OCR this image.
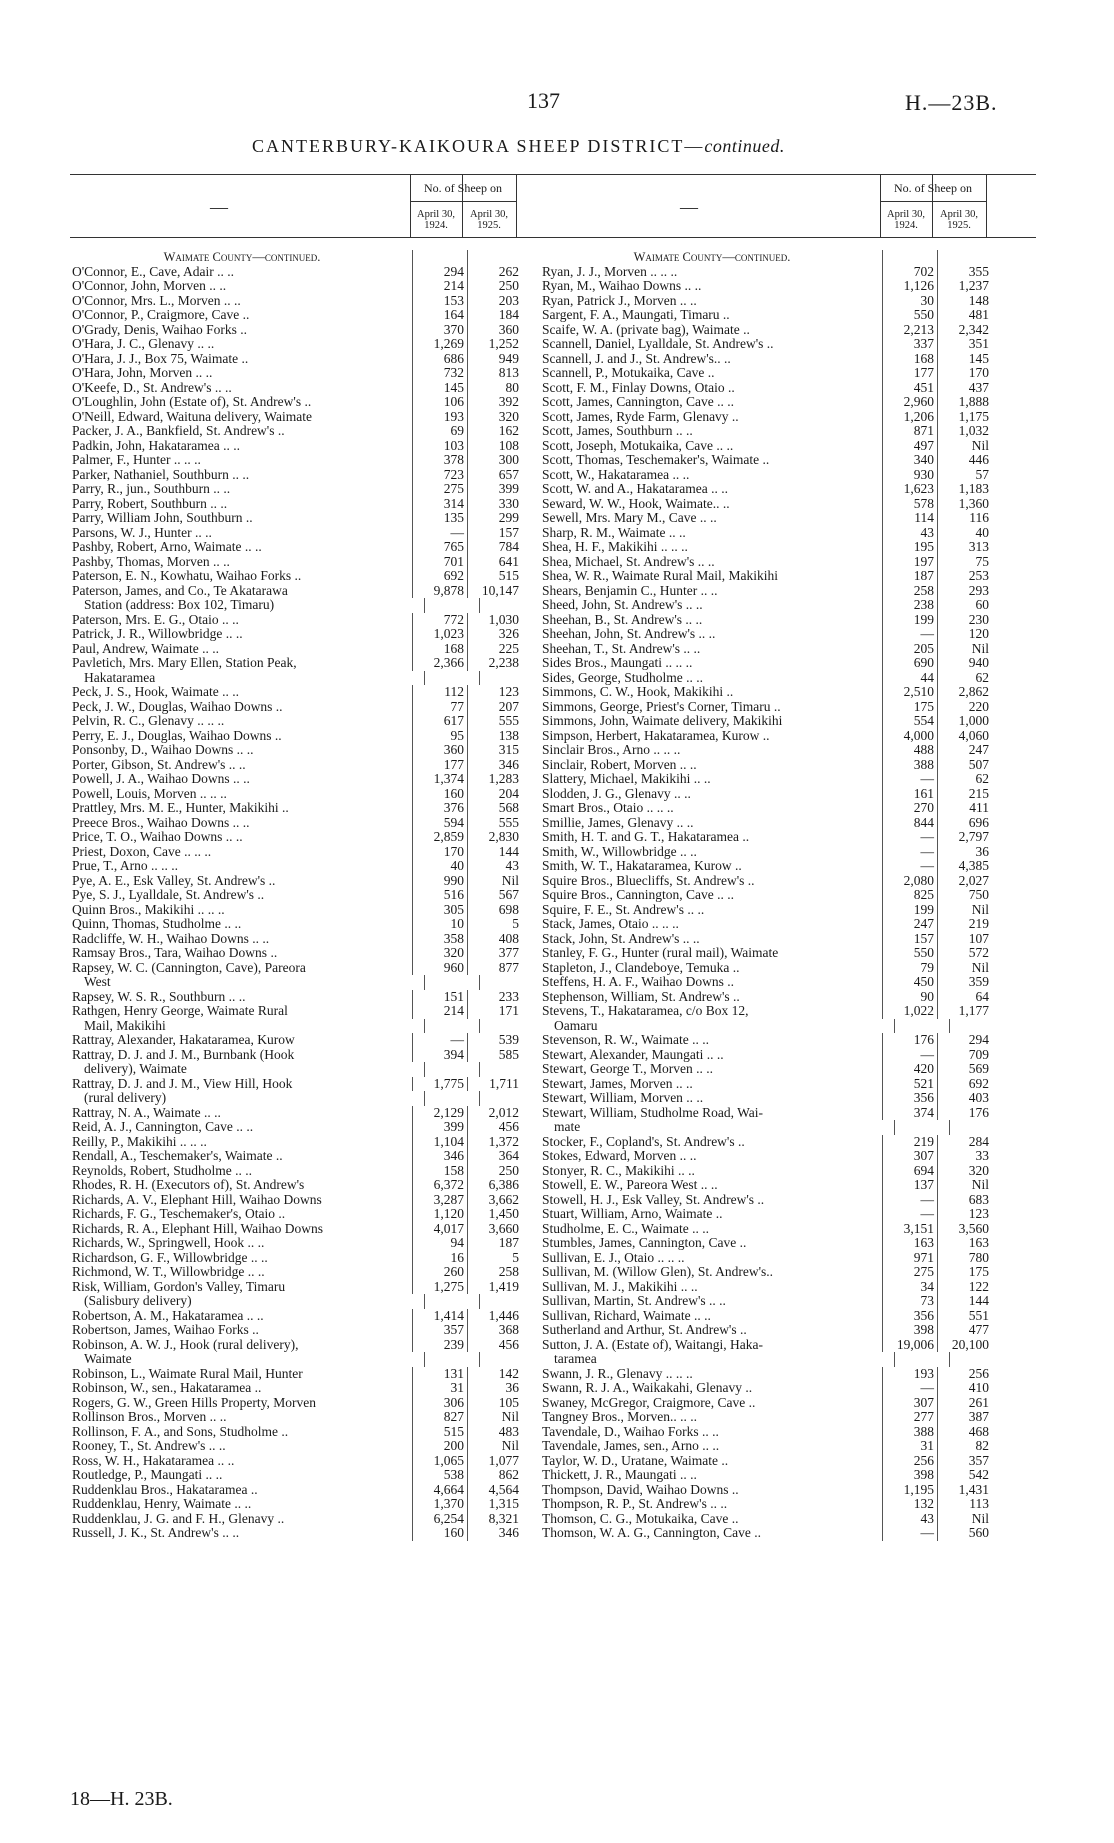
137	H.—23B.
CANTERBURY-KAIKOURA SHEEP DISTRICT—continued.
—
No. of Sheep on
April 30, 1924.
April 30, 1925.
Waimate County—continued.
O'Connor, E., Cave, Adair .. ..	294	262
O'Connor, John, Morven .. ..	214	250
O'Connor, Mrs. L., Morven .. ..	153	203
O'Connor, P., Craigmore, Cave ..	164	184
O'Grady, Denis, Waihao Forks ..	370	360
O'Hara, J. C., Glenavy .. ..	1,269	1,252
O'Hara, J. J., Box 75, Waimate ..	686	949
O'Hara, John, Morven .. ..	732	813
O'Keefe, D., St. Andrew's .. ..	145	80
O'Loughlin, John (Estate of), St. Andrew's ..	106	392
O'Neill, Edward, Waituna delivery, Waimate	193	320
Packer, J. A., Bankfield, St. Andrew's ..	69	162
Padkin, John, Hakataramea .. ..	103	108
Palmer, F., Hunter .. .. ..	378	300
Parker, Nathaniel, Southburn .. ..	723	657
Parry, R., jun., Southburn .. ..	275	399
Parry, Robert, Southburn .. ..	314	330
Parry, William John, Southburn ..	135	299
Parsons, W. J., Hunter .. ..	—	157
Pashby, Robert, Arno, Waimate .. ..	765	784
Pashby, Thomas, Morven .. ..	701	641
Paterson, E. N., Kowhatu, Waihao Forks ..	692	515
Paterson, James, and Co., Te Akatarawa	9,878	10,147
Station (address: Box 102, Timaru)
Paterson, Mrs. E. G., Otaio .. ..	772	1,030
Patrick, J. R., Willowbridge .. ..	1,023	326
Paul, Andrew, Waimate .. ..	168	225
Pavletich, Mrs. Mary Ellen, Station Peak,	2,366	2,238
Hakataramea
Peck, J. S., Hook, Waimate .. ..	112	123
Peck, J. W., Douglas, Waihao Downs ..	77	207
Pelvin, R. C., Glenavy .. .. ..	617	555
Perry, E. J., Douglas, Waihao Downs ..	95	138
Ponsonby, D., Waihao Downs .. ..	360	315
Porter, Gibson, St. Andrew's .. ..	177	346
Powell, J. A., Waihao Downs .. ..	1,374	1,283
Powell, Louis, Morven .. .. ..	160	204
Prattley, Mrs. M. E., Hunter, Makikihi ..	376	568
Preece Bros., Waihao Downs .. ..	594	555
Price, T. O., Waihao Downs .. ..	2,859	2,830
Priest, Doxon, Cave .. .. ..	170	144
Prue, T., Arno .. .. ..	40	43
Pye, A. E., Esk Valley, St. Andrew's ..	990	Nil
Pye, S. J., Lyalldale, St. Andrew's ..	516	567
Quinn Bros., Makikihi .. .. ..	305	698
Quinn, Thomas, Studholme .. ..	10	5
Radcliffe, W. H., Waihao Downs .. ..	358	408
Ramsay Bros., Tara, Waihao Downs ..	320	377
Rapsey, W. C. (Cannington, Cave), Pareora	960	877
West
Rapsey, W. S. R., Southburn .. ..	151	233
Rathgen, Henry George, Waimate Rural	214	171
Mail, Makikihi
Rattray, Alexander, Hakataramea, Kurow	—	539
Rattray, D. J. and J. M., Burnbank (Hook	394	585
delivery), Waimate
Rattray, D. J. and J. M., View Hill, Hook	1,775	1,711
(rural delivery)
Rattray, N. A., Waimate .. ..	2,129	2,012
Reid, A. J., Cannington, Cave .. ..	399	456
Reilly, P., Makikihi .. .. ..	1,104	1,372
Rendall, A., Teschemaker's, Waimate ..	346	364
Reynolds, Robert, Studholme .. ..	158	250
Rhodes, R. H. (Executors of), St. Andrew's	6,372	6,386
Richards, A. V., Elephant Hill, Waihao Downs	3,287	3,662
Richards, F. G., Teschemaker's, Otaio ..	1,120	1,450
Richards, R. A., Elephant Hill, Waihao Downs	4,017	3,660
Richards, W., Springwell, Hook .. ..	94	187
Richardson, G. F., Willowbridge .. ..	16	5
Richmond, W. T., Willowbridge .. ..	260	258
Risk, William, Gordon's Valley, Timaru	1,275	1,419
(Salisbury delivery)
Robertson, A. M., Hakataramea .. ..	1,414	1,446
Robertson, James, Waihao Forks ..	357	368
Robinson, A. W. J., Hook (rural delivery),	239	456
Waimate
Robinson, L., Waimate Rural Mail, Hunter	131	142
Robinson, W., sen., Hakataramea ..	31	36
Rogers, G. W., Green Hills Property, Morven	306	105
Rollinson Bros., Morven .. ..	827	Nil
Rollinson, F. A., and Sons, Studholme ..	515	483
Rooney, T., St. Andrew's .. ..	200	Nil
Ross, W. H., Hakataramea .. ..	1,065	1,077
Routledge, P., Maungati .. ..	538	862
Ruddenklau Bros., Hakataramea ..	4,664	4,564
Ruddenklau, Henry, Waimate .. ..	1,370	1,315
Ruddenklau, J. G. and F. H., Glenavy ..	6,254	8,321
Russell, J. K., St. Andrew's .. ..	160	346
—
No. of Sheep on
April 30, 1924.
April 30, 1925.
Waimate County—continued.
Ryan, J. J., Morven .. .. ..	702	355
Ryan, M., Waihao Downs .. ..	1,126	1,237
Ryan, Patrick J., Morven .. ..	30	148
Sargent, F. A., Maungati, Timaru ..	550	481
Scaife, W. A. (private bag), Waimate ..	2,213	2,342
Scannell, Daniel, Lyalldale, St. Andrew's ..	337	351
Scannell, J. and J., St. Andrew's.. ..	168	145
Scannell, P., Motukaika, Cave ..	177	170
Scott, F. M., Finlay Downs, Otaio ..	451	437
Scott, James, Cannington, Cave .. ..	2,960	1,888
Scott, James, Ryde Farm, Glenavy ..	1,206	1,175
Scott, James, Southburn .. ..	871	1,032
Scott, Joseph, Motukaika, Cave .. ..	497	Nil
Scott, Thomas, Teschemaker's, Waimate ..	340	446
Scott, W., Hakataramea .. ..	930	57
Scott, W. and A., Hakataramea .. ..	1,623	1,183
Seward, W. W., Hook, Waimate.. ..	578	1,360
Sewell, Mrs. Mary M., Cave .. ..	114	116
Sharp, R. M., Waimate .. ..	43	40
Shea, H. F., Makikihi .. .. ..	195	313
Shea, Michael, St. Andrew's .. ..	197	75
Shea, W. R., Waimate Rural Mail, Makikihi	187	253
Shears, Benjamin C., Hunter .. ..	258	293
Sheed, John, St. Andrew's .. ..	238	60
Sheehan, B., St. Andrew's .. ..	199	230
Sheehan, John, St. Andrew's .. ..	—	120
Sheehan, T., St. Andrew's .. ..	205	Nil
Sides Bros., Maungati .. .. ..	690	940
Sides, George, Studholme .. ..	44	62
Simmons, C. W., Hook, Makikihi ..	2,510	2,862
Simmons, George, Priest's Corner, Timaru ..	175	220
Simmons, John, Waimate delivery, Makikihi	554	1,000
Simpson, Herbert, Hakataramea, Kurow ..	4,000	4,060
Sinclair Bros., Arno .. .. ..	488	247
Sinclair, Robert, Morven .. ..	388	507
Slattery, Michael, Makikihi .. ..	—	62
Slodden, J. G., Glenavy .. ..	161	215
Smart Bros., Otaio .. .. ..	270	411
Smillie, James, Glenavy .. ..	844	696
Smith, H. T. and G. T., Hakataramea ..	—	2,797
Smith, W., Willowbridge .. ..	—	36
Smith, W. T., Hakataramea, Kurow ..	—	4,385
Squire Bros., Bluecliffs, St. Andrew's ..	2,080	2,027
Squire Bros., Cannington, Cave .. ..	825	750
Squire, F. E., St. Andrew's .. ..	199	Nil
Stack, James, Otaio .. .. ..	247	219
Stack, John, St. Andrew's .. ..	157	107
Stanley, F. G., Hunter (rural mail), Waimate	550	572
Stapleton, J., Clandeboye, Temuka ..	79	Nil
Steffens, H. A. F., Waihao Downs ..	450	359
Stephenson, William, St. Andrew's ..	90	64
Stevens, T., Hakataramea, c/o Box 12,	1,022	1,177
Oamaru
Stevenson, R. W., Waimate .. ..	176	294
Stewart, Alexander, Maungati .. ..	—	709
Stewart, George T., Morven .. ..	420	569
Stewart, James, Morven .. ..	521	692
Stewart, William, Morven .. ..	356	403
Stewart, William, Studholme Road, Wai-	374	176
mate
Stocker, F., Copland's, St. Andrew's ..	219	284
Stokes, Edward, Morven .. ..	307	33
Stonyer, R. C., Makikihi .. ..	694	320
Stowell, E. W., Pareora West .. ..	137	Nil
Stowell, H. J., Esk Valley, St. Andrew's ..	—	683
Stuart, William, Arno, Waimate ..	—	123
Studholme, E. C., Waimate .. ..	3,151	3,560
Stumbles, James, Cannington, Cave ..	163	163
Sullivan, E. J., Otaio .. .. ..	971	780
Sullivan, M. (Willow Glen), St. Andrew's..	275	175
Sullivan, M. J., Makikihi .. ..	34	122
Sullivan, Martin, St. Andrew's .. ..	73	144
Sullivan, Richard, Waimate .. ..	356	551
Sutherland and Arthur, St. Andrew's ..	398	477
Sutton, J. A. (Estate of), Waitangi, Haka-	19,006	20,100
taramea
Swann, J. R., Glenavy .. .. ..	193	256
Swann, R. J. A., Waikakahi, Glenavy ..	—	410
Swaney, McGregor, Craigmore, Cave ..	307	261
Tangney Bros., Morven.. .. ..	277	387
Tavendale, D., Waihao Forks .. ..	388	468
Tavendale, James, sen., Arno .. ..	31	82
Taylor, W. D., Uratane, Waimate ..	256	357
Thickett, J. R., Maungati .. ..	398	542
Thompson, David, Waihao Downs ..	1,195	1,431
Thompson, R. P., St. Andrew's .. ..	132	113
Thomson, C. G., Motukaika, Cave ..	43	Nil
Thomson, W. A. G., Cannington, Cave ..	—	560
18—H. 23B.
